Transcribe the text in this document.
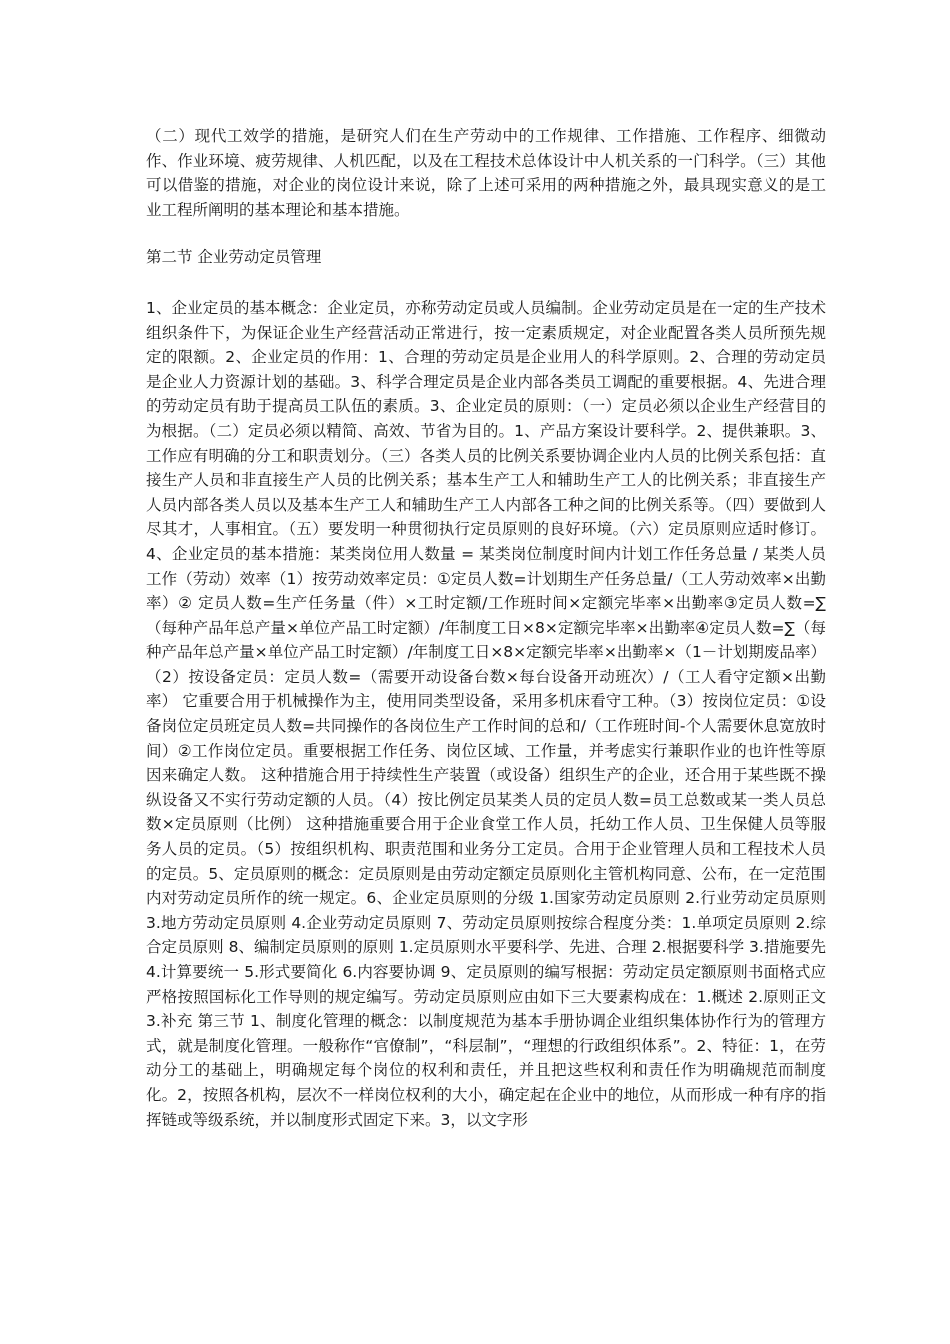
（二）现代工效学的措施，是研究人们在生产劳动中的工作规律、工作措施、工作程序、细微动作、作业环境、疲劳规律、人机匹配，以及在工程技术总体设计中人机关系的一门科学。（三）其他可以借鉴的措施，对企业的岗位设计来说，除了上述可采用的两种措施之外，最具现实意义的是工业工程所阐明的基本理论和基本措施。

第二节 企业劳动定员管理

1、企业定员的基本概念：企业定员，亦称劳动定员或人员编制。企业劳动定员是在一定的生产技术组织条件下，为保证企业生产经营活动正常进行，按一定素质规定，对企业配置各类人员所预先规定的限额。2、企业定员的作用：1、合理的劳动定员是企业用人的科学原则。2、合理的劳动定员是企业人力资源计划的基础。3、科学合理定员是企业内部各类员工调配的重要根据。4、先进合理的劳动定员有助于提高员工队伍的素质。3、企业定员的原则：（一）定员必须以企业生产经营目的为根据。（二）定员必须以精简、高效、节省为目的。1、产品方案设计要科学。2、提供兼职。3、工作应有明确的分工和职责划分。（三）各类人员的比例关系要协调企业内人员的比例关系包括：直接生产人员和非直接生产人员的比例关系；基本生产工人和辅助生产工人的比例关系；非直接生产人员内部各类人员以及基本生产工人和辅助生产工人内部各工种之间的比例关系等。（四）要做到人尽其才，人事相宜。（五）要发明一种贯彻执行定员原则的良好环境。（六）定员原则应适时修订。4、企业定员的基本措施：某类岗位用人数量 = 某类岗位制度时间内计划工作任务总量 / 某类人员工作（劳动）效率（1）按劳动效率定员：①定员人数=计划期生产任务总量/（工人劳动效率×出勤率）② 定员人数=生产任务量（件）×工时定额/工作班时间×定额完毕率×出勤率③定员人数=∑（每种产品年总产量×单位产品工时定额）/年制度工日×8×定额完毕率×出勤率④定员人数=∑（每种产品年总产量×单位产品工时定额）/年制度工日×8×定额完毕率×出勤率×（1－计划期废品率）（2）按设备定员：定员人数=（需要开动设备台数×每台设备开动班次）/（工人看守定额×出勤率） 它重要合用于机械操作为主，使用同类型设备，采用多机床看守工种。（3）按岗位定员：①设备岗位定员班定员人数=共同操作的各岗位生产工作时间的总和/（工作班时间-个人需要休息宽放时间）②工作岗位定员。重要根据工作任务、岗位区域、工作量，并考虑实行兼职作业的也许性等原因来确定人数。 这种措施合用于持续性生产装置（或设备）组织生产的企业，还合用于某些既不操纵设备又不实行劳动定额的人员。（4）按比例定员某类人员的定员人数=员工总数或某一类人员总数×定员原则（比例） 这种措施重要合用于企业食堂工作人员，托幼工作人员、卫生保健人员等服务人员的定员。（5）按组织机构、职责范围和业务分工定员。合用于企业管理人员和工程技术人员的定员。5、定员原则的概念：定员原则是由劳动定额定员原则化主管机构同意、公布，在一定范围内对劳动定员所作的统一规定。6、企业定员原则的分级 1.国家劳动定员原则 2.行业劳动定员原则 3.地方劳动定员原则 4.企业劳动定员原则 7、劳动定员原则按综合程度分类：1.单项定员原则 2.综合定员原则 8、编制定员原则的原则 1.定员原则水平要科学、先进、合理 2.根据要科学 3.措施要先 4.计算要统一 5.形式要简化 6.内容要协调 9、定员原则的编写根据：劳动定员定额原则书面格式应严格按照国标化工作导则的规定编写。劳动定员原则应由如下三大要素构成在：1.概述 2.原则正文 3.补充 第三节 1、制度化管理的概念：以制度规范为基本手册协调企业组织集体协作行为的管理方式，就是制度化管理。一般称作“官僚制”，“科层制”，“理想的行政组织体系”。2、特征：1，在劳动分工的基础上，明确规定每个岗位的权利和责任，并且把这些权利和责任作为明确规范而制度化。2，按照各机构，层次不一样岗位权利的大小，确定起在企业中的地位，从而形成一种有序的指挥链或等级系统，并以制度形式固定下来。3，以文字形
